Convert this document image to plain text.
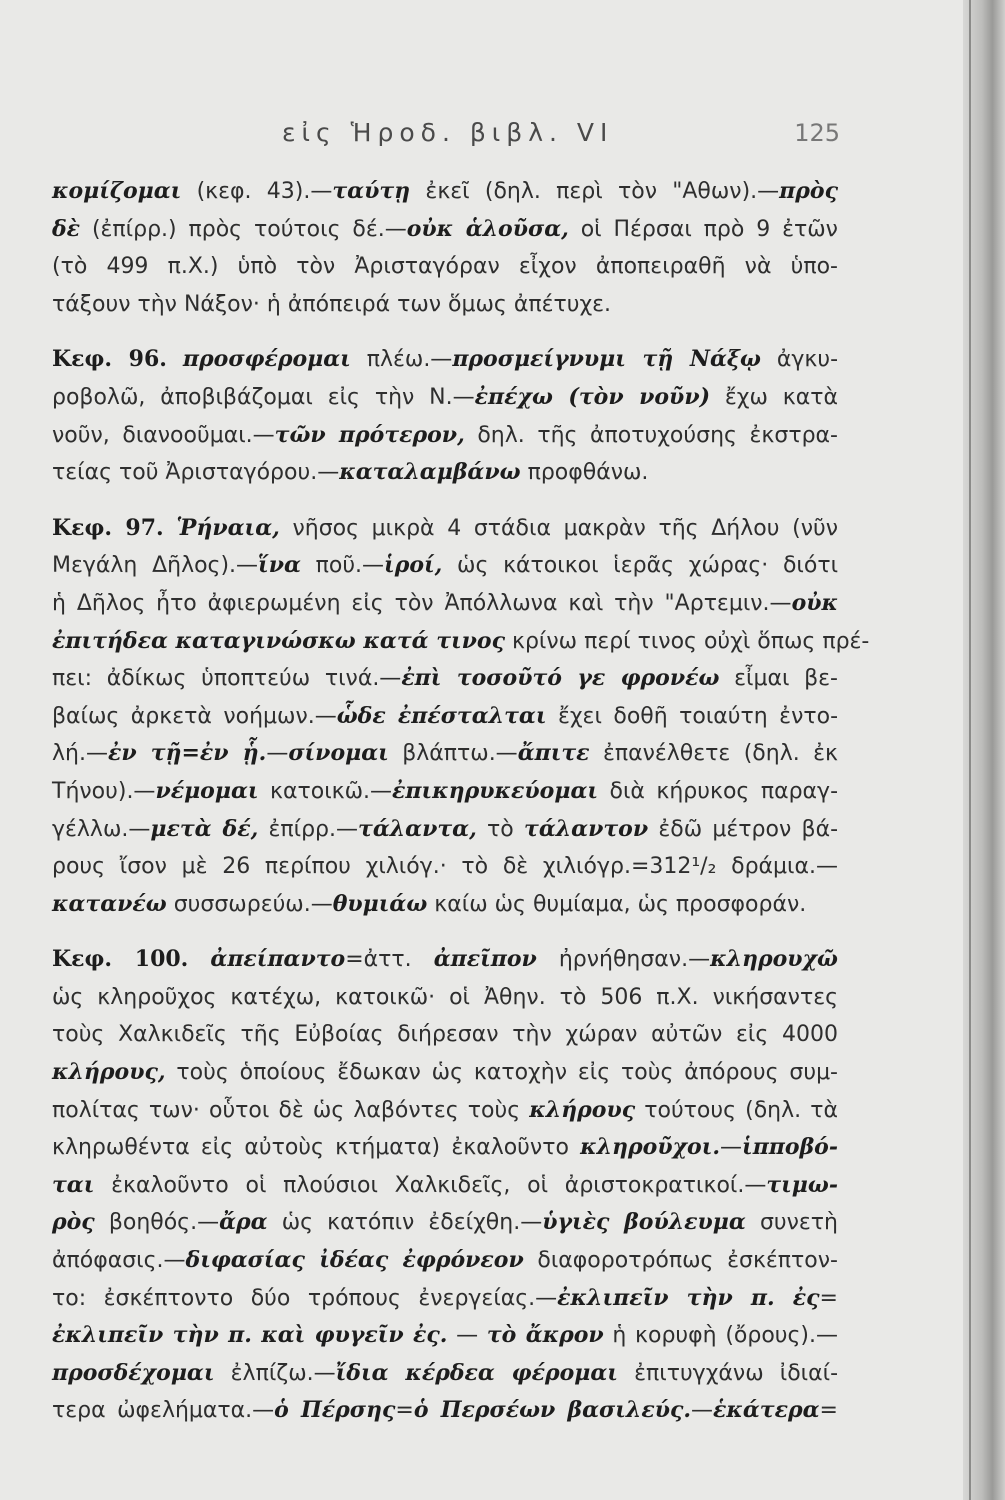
εἰς Ἡροδ. βιβλ. VI	125
κομίζομαι (κεφ. 43).—ταύτῃ ἐκεῖ (δηλ. περὶ τὸν "Αθων).—πρὸς
δὲ (ἐπίρρ.) πρὸς τούτοις δέ.—οὐκ ἁλοῦσα, οἱ Πέρσαι πρὸ 9 ἐτῶν
(τὸ 499 π.Χ.) ὑπὸ τὸν Ἀρισταγόραν εἶχον ἀποπειραθῆ νὰ ὑπο-
τάξουν τὴν Νάξον· ἡ ἀπόπειρά των ὅμως ἀπέτυχε.
Κεφ. 96. προσφέρομαι πλέω.—προσμείγνυμι τῇ Νάξῳ ἀγκυ-
ροβολῶ, ἀποβιβάζομαι εἰς τὴν Ν.—ἐπέχω (τὸν νοῦν) ἔχω κατὰ
νοῦν, διανοοῦμαι.—τῶν πρότερον, δηλ. τῆς ἀποτυχούσης ἐκστρα-
τείας τοῦ Ἀρισταγόρου.—καταλαμβάνω προφθάνω.
Κεφ. 97. Ῥήναια, νῆσος μικρὰ 4 στάδια μακρὰν τῆς Δήλου (νῦν
Μεγάλη Δῆλος).—ἵνα ποῦ.—ἱροί, ὡς κάτοικοι ἱερᾶς χώρας· διότι
ἡ Δῆλος ἦτο ἀφιερωμένη εἰς τὸν Ἀπόλλωνα καὶ τὴν "Αρτεμιν.—οὐκ
ἐπιτήδεα καταγινώσκω κατά τινος κρίνω περί τινος οὐχὶ ὅπως πρέ-
πει: ἀδίκως ὑποπτεύω τινά.—ἐπὶ τοσοῦτό γε φρονέω εἶμαι βε-
βαίως ἀρκετὰ νοήμων.—ὧδε ἐπέσταλται ἔχει δοθῆ τοιαύτη ἐντο-
λή.—ἐν τῇ=ἐν ᾗ.—σίνομαι βλάπτω.—ἄπιτε ἐπανέλθετε (δηλ. ἐκ
Τήνου).—νέμομαι κατοικῶ.—ἐπικηρυκεύομαι διὰ κήρυκος παραγ-
γέλλω.—μετὰ δέ, ἐπίρρ.—τάλαντα, τὸ τάλαντον ἐδῶ μέτρον βά-
ρους ἴσον μὲ 26 περίπου χιλιόγ.· τὸ δὲ χιλιόγρ.=312¹/₂ δράμια.—
κατανέω συσσωρεύω.—θυμιάω καίω ὡς θυμίαμα, ὡς προσφοράν.
Κεφ. 100. ἀπείπαντο=ἀττ. ἀπεῖπον ἠρνήθησαν.—κληρουχῶ
ὡς κληροῦχος κατέχω, κατοικῶ· οἱ Ἀθην. τὸ 506 π.Χ. νικήσαντες
τοὺς Χαλκιδεῖς τῆς Εὐβοίας διήρεσαν τὴν χώραν αὐτῶν εἰς 4000
κλήρους, τοὺς ὁποίους ἔδωκαν ὡς κατοχὴν εἰς τοὺς ἀπόρους συμ-
πολίτας των· οὗτοι δὲ ὡς λαβόντες τοὺς κλήρους τούτους (δηλ. τὰ
κληρωθέντα εἰς αὐτοὺς κτήματα) ἐκαλοῦντο κληροῦχοι.—ἱπποβό-
ται ἐκαλοῦντο οἱ πλούσιοι Χαλκιδεῖς, οἱ ἀριστοκρατικοί.—τιμω-
ρὸς βοηθός.—ἄρα ὡς κατόπιν ἐδείχθη.—ὑγιὲς βούλευμα συνετὴ
ἀπόφασις.—διφασίας ἰδέας ἐφρόνεον διαφοροτρόπως ἐσκέπτον-
το: ἐσκέπτοντο δύο τρόπους ἐνεργείας.—ἐκλιπεῖν τὴν π. ἐς=
ἐκλιπεῖν τὴν π. καὶ φυγεῖν ἐς. — τὸ ἄκρον ἡ κορυφὴ (ὄρους).—
προσδέχομαι ἐλπίζω.—ἴδια κέρδεα φέρομαι ἐπιτυγχάνω ἰδιαί-
τερα ὠφελήματα.—ὁ Πέρσης=ὁ Περσέων βασιλεύς.—ἑκάτερα=
